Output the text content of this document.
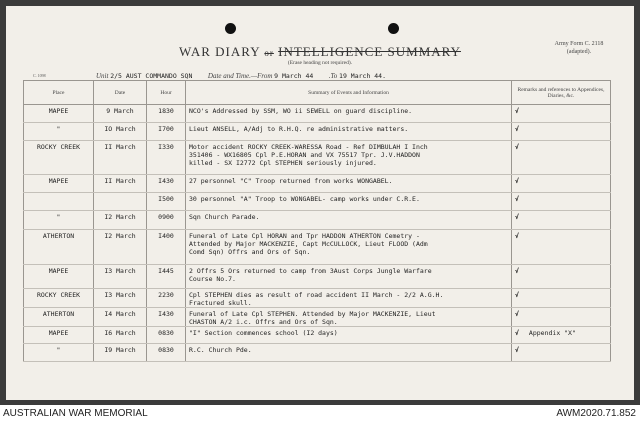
C. 1098
WAR DIARY or INTELLIGENCE SUMMARY
(Erase heading not required).
Army Form C. 2118
(adapted).
Unit 2/5 AUST COMMANDO SQN Date and Time.—From 9 March 44 .To 19 March 44.
Place	Date	Hour	Summary of Events and Information	Remarks and references to Appendices, Diaries, &c.
MAPEE	9 March	1830	NCO's Addressed by SSM, WO ii SEWELL on guard discipline.	√
"	IO March	I700	Lieut ANSELL, A/Adj to R.H.Q. re administrative matters.	√
ROCKY CREEK	II March	I330	Motor accident ROCKY CREEK-WARESSA Road - Ref DIMBULAH I Inch
351406 - WX16805 Cpl P.E.HORAN and VX 75517 Tpr. J.V.HADDON
killed - SX I2772 Cpl STEPHEN seriously injured.	√
MAPEE	II March	I430	27 personnel "C" Troop returned from works WONGABEL.	√
		I500	30 personnel "A" Troop to WONGABEL- camp works under C.R.E.	√
"	I2 March	0900	Sqn Church Parade.	√
ATHERTON	I2 March	I400	Funeral of Late Cpl HORAN and Tpr HADDON ATHERTON Cemetry -
Attended by Major MACKENZIE, Capt McCULLOCK, Lieut FLOOD (Adm
Comd Sqn) Offrs and Ors of Sqn.	√
MAPEE	I3 March	I445	2 Offrs 5 Ors returned to camp from 3Aust Corps Jungle Warfare
Course No.7.	√
ROCKY CREEK	I3 March	2230	Cpl STEPHEN dies as result of road accident II March - 2/2 A.G.H.
Fractured skull.	√
ATHERTON	I4 March	I430	Funeral of Late Cpl STEPHEN. Attended by Major MACKENZIE, Lieut
CHASTON A/2 i.c. Offrs and Ors of Sqn.	√
MAPEE	I6 March	0830	"I" Section commences school (I2 days)	√ Appendix "X"
"	I9 March	0830	R.C. Church Pde.	√
AUSTRALIAN WAR MEMORIAL	AWM2020.71.852
